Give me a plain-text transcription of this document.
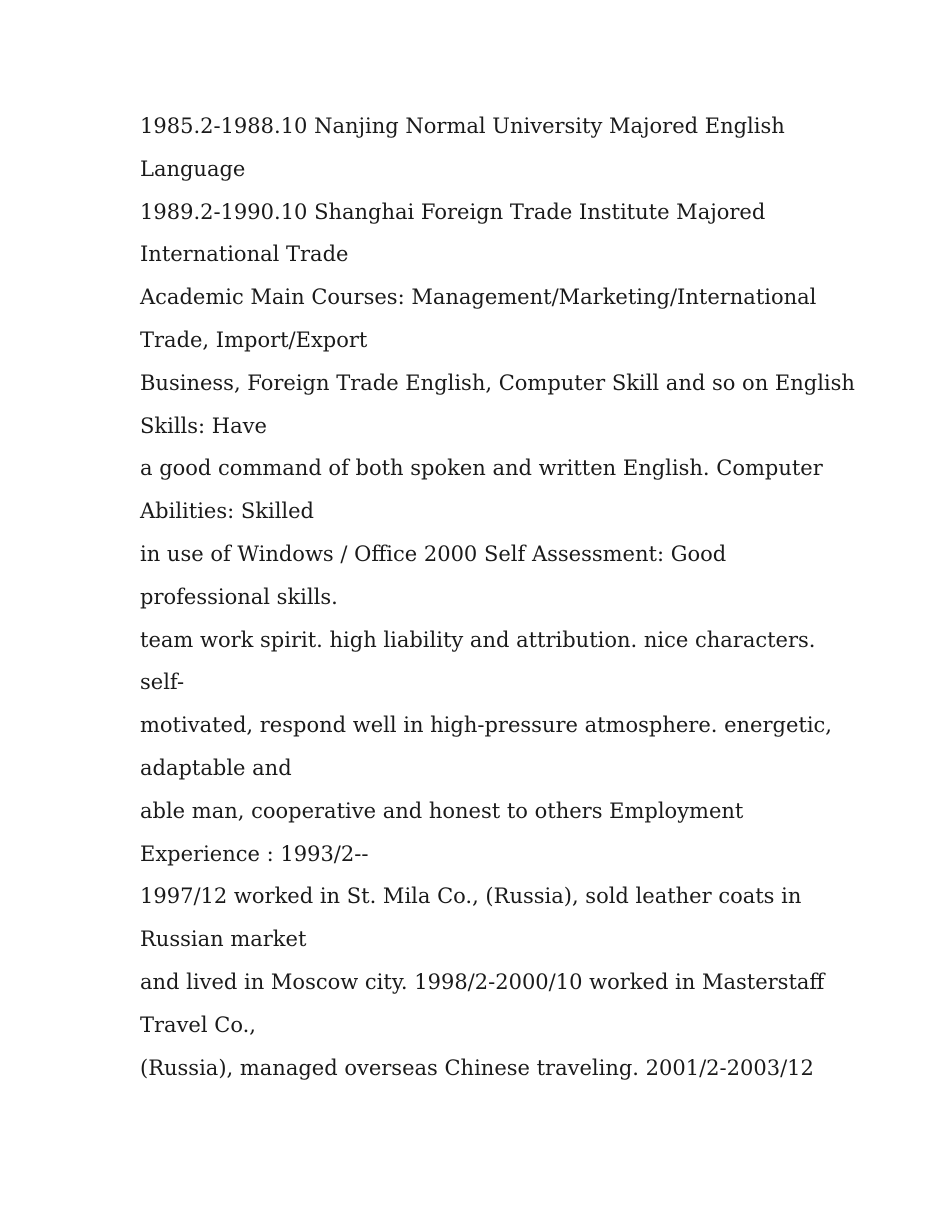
1985.2-1988.10 Nanjing Normal University Majored English
Language
1989.2-1990.10 Shanghai Foreign Trade Institute Majored
International Trade
Academic Main Courses: Management/Marketing/International
Trade, Import/Export
Business, Foreign Trade English, Computer Skill and so on English
Skills: Have
a good command of both spoken and written English. Computer
Abilities: Skilled
in use of Windows / Office 2000 Self Assessment: Good
professional skills.
team work spirit. high liability and attribution. nice characters.
self-
motivated, respond well in high-pressure atmosphere. energetic,
adaptable and
able man, cooperative and honest to others Employment
Experience : 1993/2--
1997/12 worked in St. Mila Co., (Russia), sold leather coats in
Russian market
and lived in Moscow city. 1998/2-2000/10 worked in Masterstaff
Travel Co.,
(Russia), managed overseas Chinese traveling. 2001/2-2003/12
